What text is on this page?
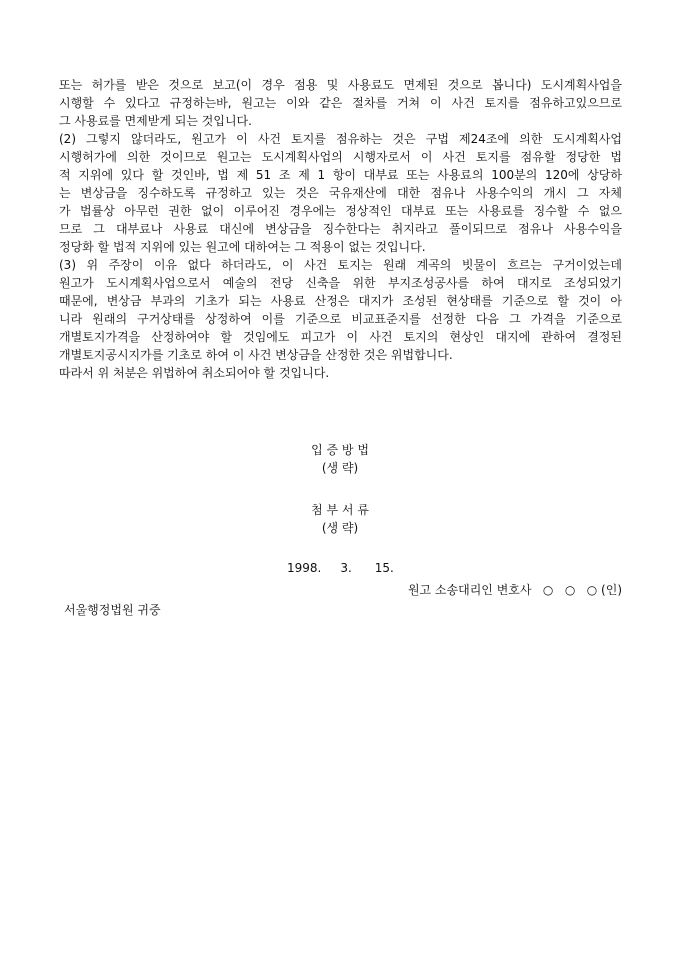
또는 허가를 받은 것으로 보고(이 경우 점용 및 사용료도 면제된 것으로 봅니다) 도시계획사업을

시행할 수 있다고 규정하는바, 원고는 이와 같은 절차를 거쳐 이 사건 토지를 점유하고있으므로

그 사용료를 면제받게 되는 것입니다.

(2) 그렇지 않더라도, 원고가 이 사건 토지를 점유하는 것은 구법 제24조에 의한 도시계획사업

시행허가에 의한 것이므로 원고는 도시계획사업의 시행자로서 이 사건 토지를 점유할 정당한 법

적 지위에 있다 할 것인바, 법 제 51 조 제 1 항이 대부료 또는 사용료의 100분의 120에 상당하

는 변상금을 징수하도록 규정하고 있는 것은 국유재산에 대한 점유나 사용수익의 개시 그 자체

가 법률상 아무런 권한 없이 이루어진 경우에는 정상적인 대부료 또는 사용료를 징수할 수 없으

므로 그 대부료나 사용료 대신에 변상금을 징수한다는 취지라고 풀이되므로 점유나 사용수익을

정당화 할 법적 지위에 있는 원고에 대하여는 그 적용이 없는 것입니다.

(3) 위 주장이 이유 없다 하더라도, 이 사건 토지는 원래 계곡의 빗물이 흐르는 구거이었는데

원고가 도시계획사업으로서 예술의 전당 신축을 위한 부지조성공사를 하여 대지로 조성되었기

때문에, 변상금 부과의 기초가 되는 사용료 산정은 대지가 조성된 현상태를 기준으로 할 것이 아

니라 원래의 구거상태를 상정하여 이를 기준으로 비교표준지를 선정한 다음 그 가격을 기준으로

개별토지가격을 산정하여야 할 것임에도 피고가 이 사건 토지의 현상인 대지에 관하여 결정된

개별토지공시지가를 기초로 하여 이 사건 변상금을 산정한 것은 위법합니다.

따라서 위 처분은 위법하여 취소되어야 할 것입니다.

입 증 방 법
(생 략)
첨 부 서 류
(생 략)
1998.     3.      15.
원고 소송대리인 변호사   ○   ○   ○ (인)
서울행정법원 귀중
